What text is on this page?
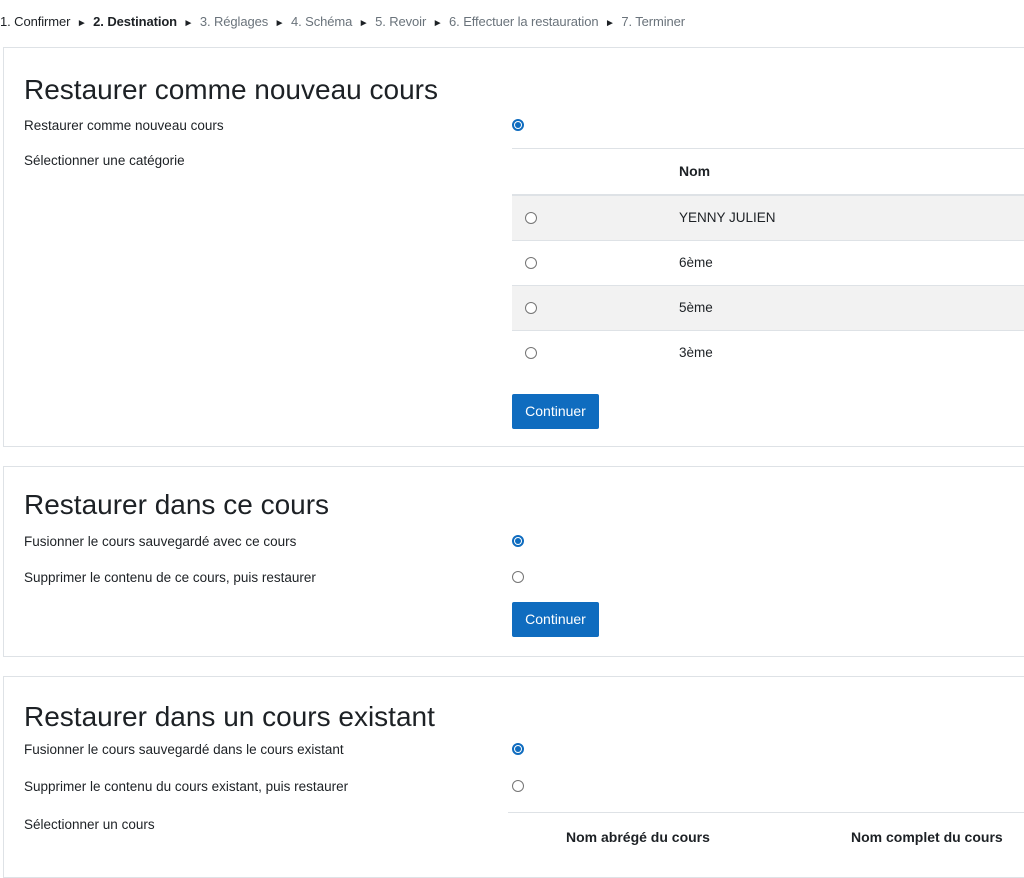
1. Confirmer ► 2. Destination ► 3. Réglages ► 4. Schéma ► 5. Revoir ► 6. Effectuer la restauration ► 7. Terminer
Restaurer comme nouveau cours
Restaurer comme nouveau cours
Sélectionner une catégorie
Nom
YENNY JULIEN
6ème
5ème
3ème
Continuer
Restaurer dans ce cours
Fusionner le cours sauvegardé avec ce cours
Supprimer le contenu de ce cours, puis restaurer
Continuer
Restaurer dans un cours existant
Fusionner le cours sauvegardé dans le cours existant
Supprimer le contenu du cours existant, puis restaurer
Sélectionner un cours
Nom abrégé du cours	Nom complet du cours
